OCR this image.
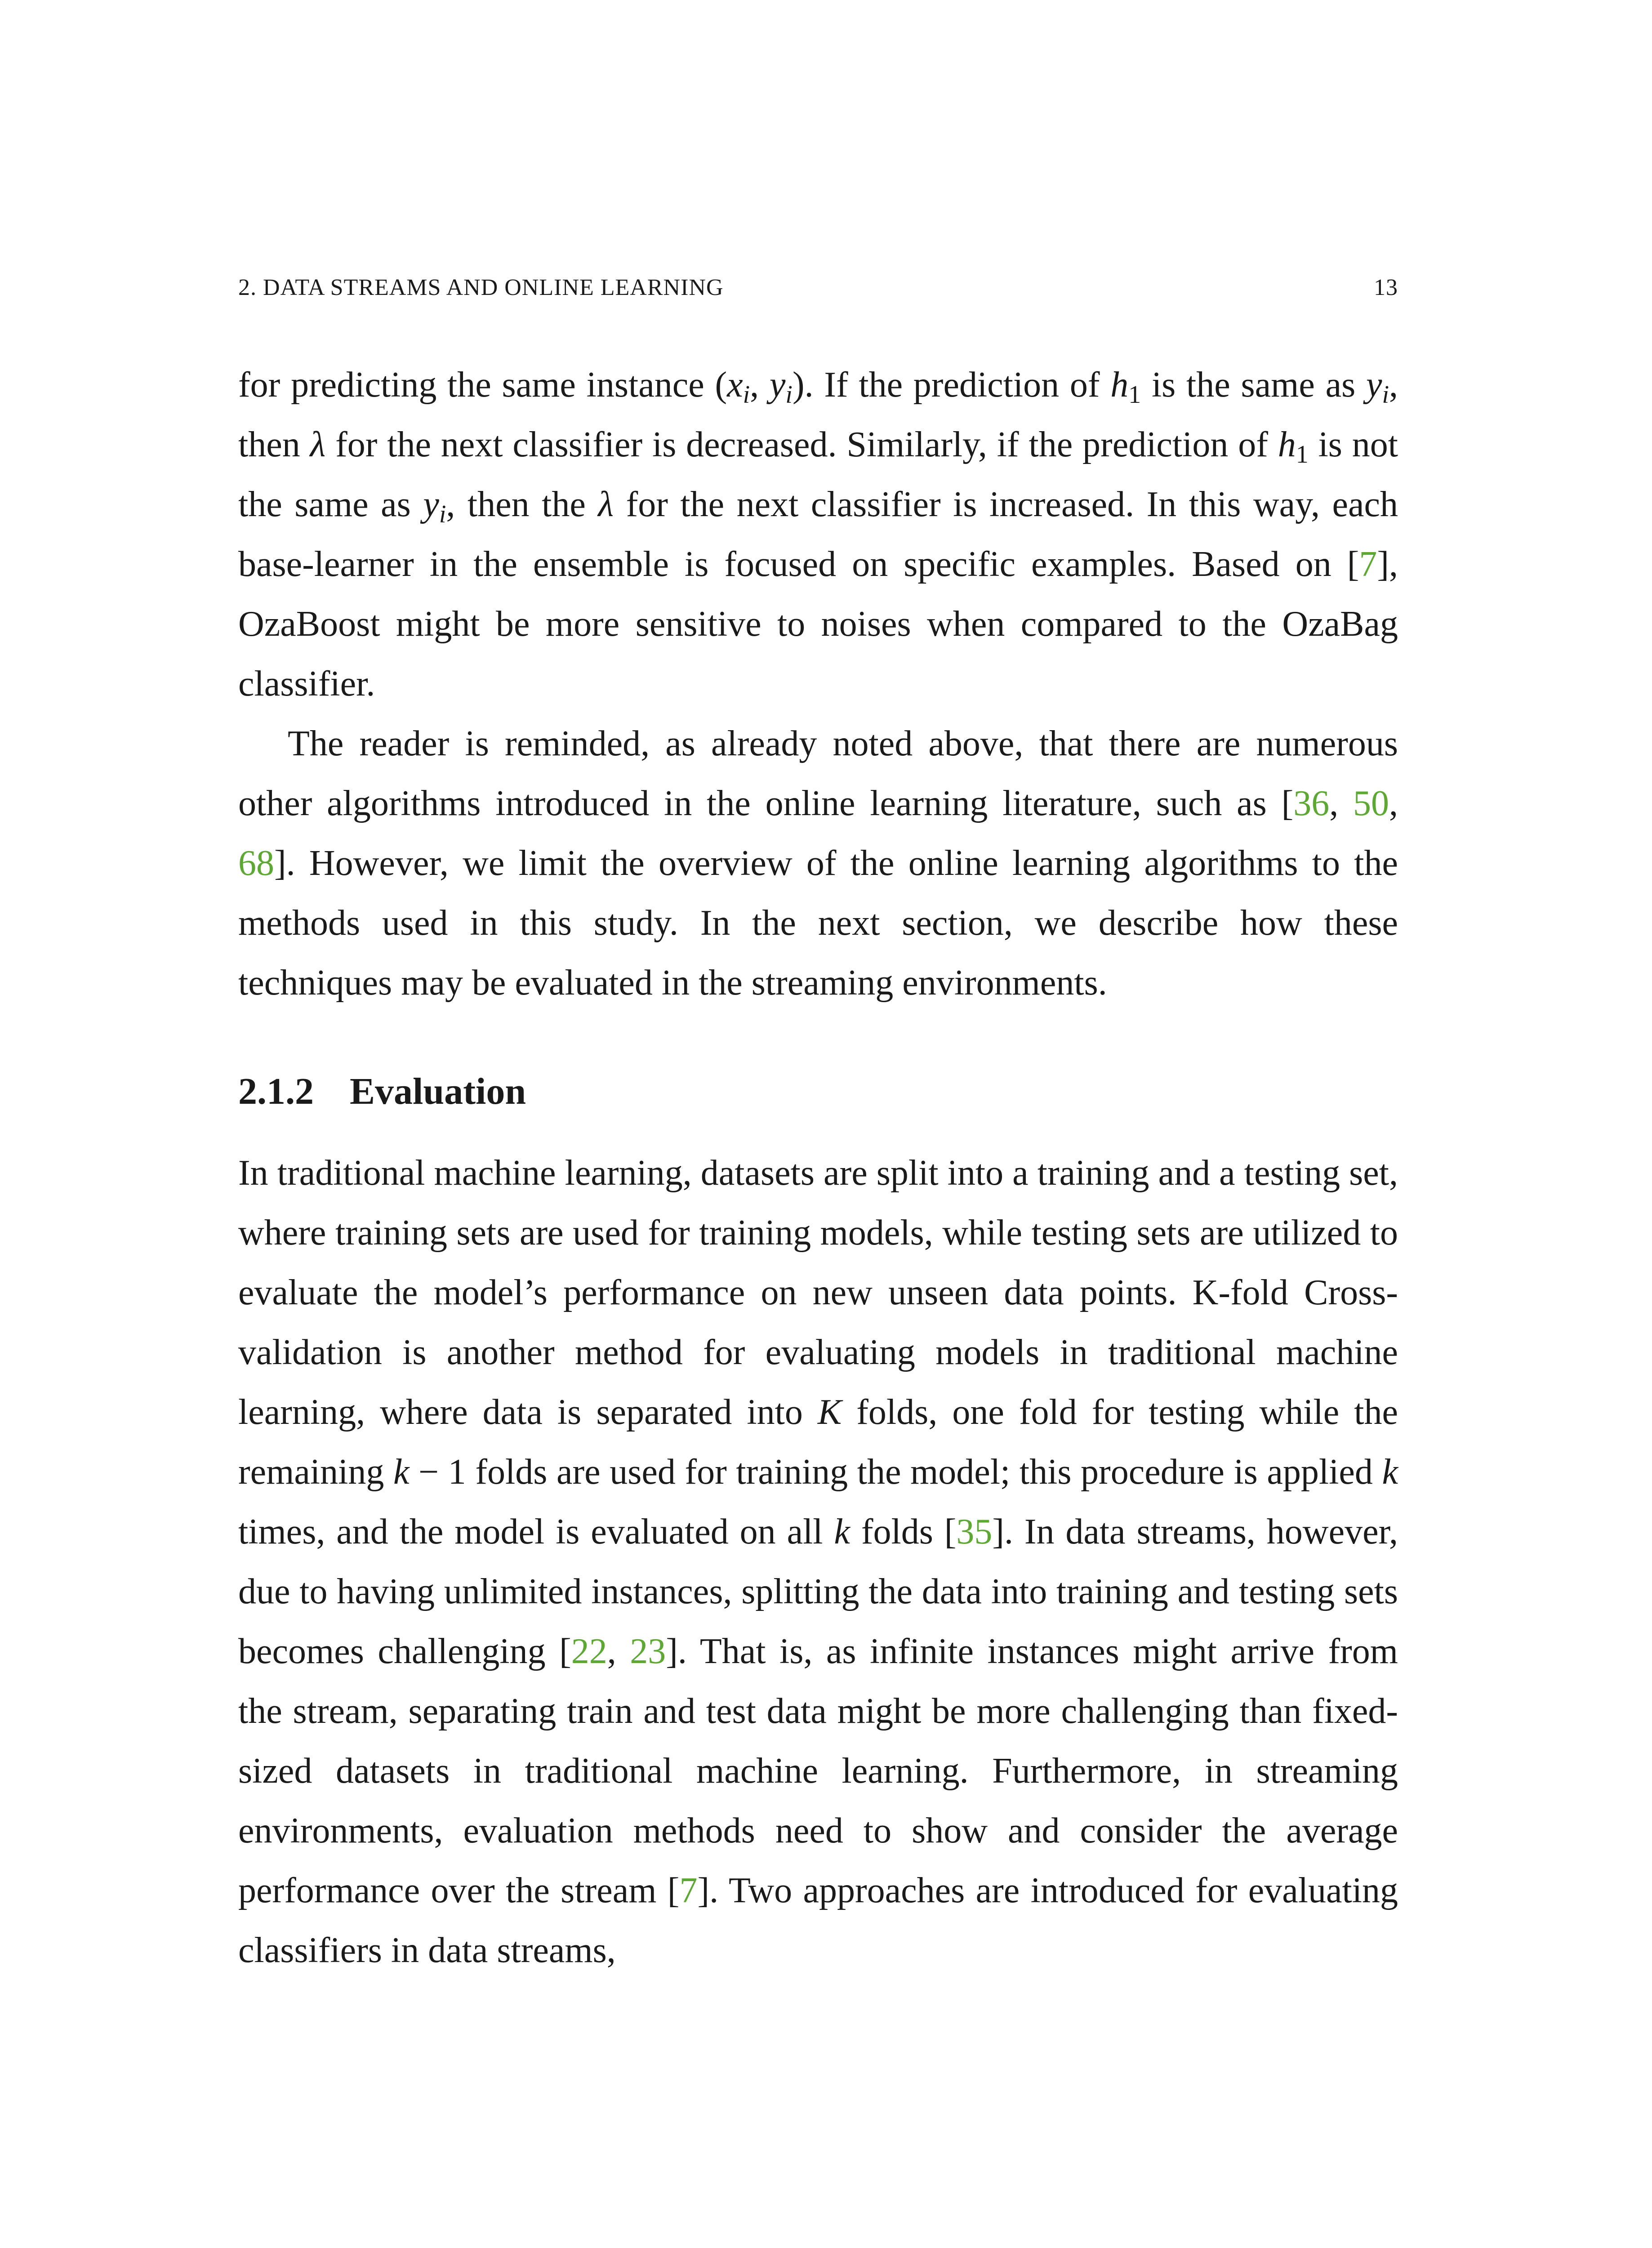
2. DATA STREAMS AND ONLINE LEARNING	13

for predicting the same instance ($x_i$, $y_i$). If the prediction of $h_1$ is the same as $y_i$, then λ for the next classifier is decreased. Similarly, if the prediction of $h_1$ is not the same as $y_i$, then the λ for the next classifier is increased. In this way, each base-learner in the ensemble is focused on specific examples. Based on [7], OzaBoost might be more sensitive to noises when compared to the OzaBag classifier.

The reader is reminded, as already noted above, that there are numerous other algorithms introduced in the online learning literature, such as [36, 50, 68]. However, we limit the overview of the online learning algorithms to the methods used in this study. In the next section, we describe how these techniques may be evaluated in the streaming environments.

2.1.2 Evaluation

In traditional machine learning, datasets are split into a training and a testing set, where training sets are used for training models, while testing sets are utilized to evaluate the model’s performance on new unseen data points. K-fold Cross-validation is another method for evaluating models in traditional machine learning, where data is separated into K folds, one fold for testing while the remaining k − 1 folds are used for training the model; this procedure is applied k times, and the model is evaluated on all k folds [35]. In data streams, however, due to having unlimited instances, splitting the data into training and testing sets becomes challenging [22, 23]. That is, as infinite instances might arrive from the stream, separating train and test data might be more challenging than fixed-sized datasets in traditional machine learning. Furthermore, in streaming environments, evaluation methods need to show and consider the average performance over the stream [7]. Two approaches are introduced for evaluating classifiers in data streams,
